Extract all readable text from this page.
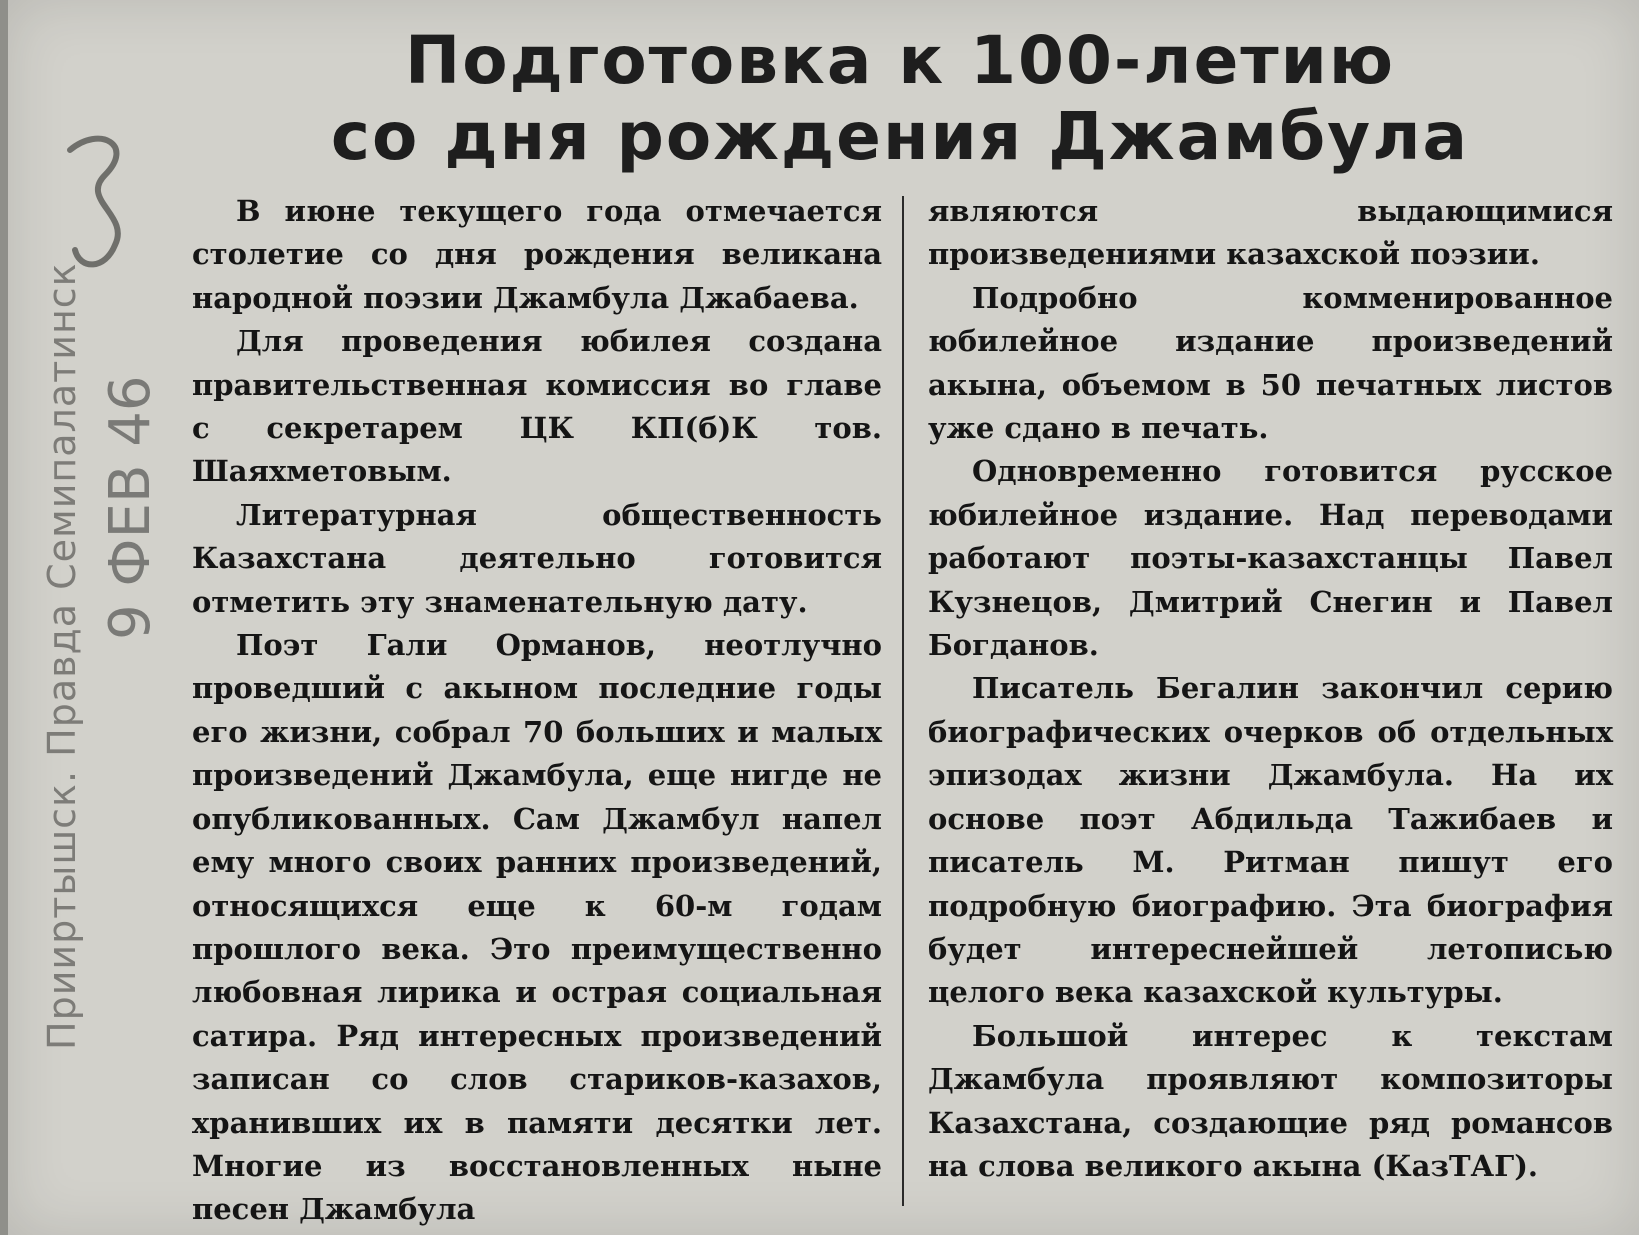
Подготовка к 100-летию
со дня рождения Джамбула
Прииртышск. Правда Семипалатинск 9 ФЕВ 46

В июне текущего года отмечается столетие со дня рождения великана народной поэзии Джамбула Джабаева.

Для проведения юбилея создана правительственная комиссия во главе с секретарем ЦК КП(б)К тов. Шаяхметовым.

Литературная общественность Казахстана деятельно готовится отметить эту знаменательную дату.

Поэт Гали Орманов, неотлучно проведший с акыном последние годы его жизни, собрал 70 больших и малых произведений Джамбула, еще нигде не опубликованных. Сам Джамбул напел ему много своих ранних произведений, относящихся еще к 60-м годам прошлого века. Это преимущественно любовная лирика и острая социальная сатира. Ряд интересных произведений записан со слов стариков-казахов, хранивших их в памяти десятки лет. Многие из восстановленных ныне песен Джамбула

являются выдающимися произведениями казахской поэзии.

Подробно комменированное юбилейное издание произведений акына, объемом в 50 печатных листов уже сдано в печать.

Одновременно готовится русское юбилейное издание. Над переводами работают поэты-казахстанцы Павел Кузнецов, Дмитрий Снегин и Павел Богданов.

Писатель Бегалин закончил серию биографических очерков об отдельных эпизодах жизни Джамбула. На их основе поэт Абдильда Тажибаев и писатель М. Ритман пишут его подробную биографию. Эта биография будет интереснейшей летописью целого века казахской культуры.

Большой интерес к текстам Джамбула проявляют композиторы Казахстана, создающие ряд романсов на слова великого акына (КазТАГ).
